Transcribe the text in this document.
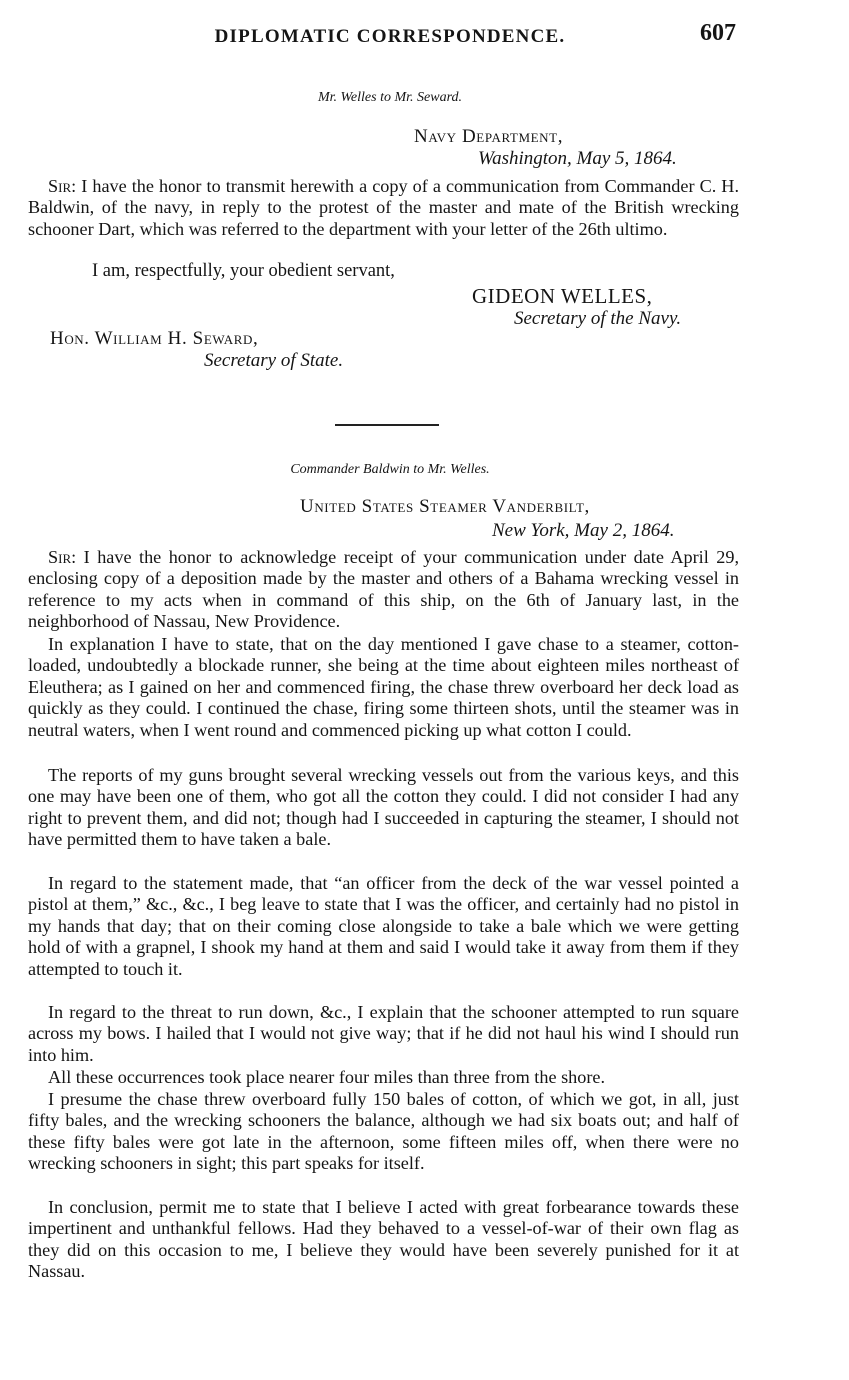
DIPLOMATIC CORRESPONDENCE.	607
Mr. Welles to Mr. Seward.
Navy Department,
Washington, May 5, 1864.

Sir: I have the honor to transmit herewith a copy of a communication from Commander C. H. Baldwin, of the navy, in reply to the protest of the master and mate of the British wrecking schooner Dart, which was referred to the department with your letter of the 26th ultimo.

I am, respectfully, your obedient servant,
GIDEON WELLES,
Secretary of the Navy.
Hon. William H. Seward,
Secretary of State.
Commander Baldwin to Mr. Welles.
United States Steamer Vanderbilt,
New York, May 2, 1864.

Sir: I have the honor to acknowledge receipt of your communication under date April 29, enclosing copy of a deposition made by the master and others of a Bahama wrecking vessel in reference to my acts when in command of this ship, on the 6th of January last, in the neighborhood of Nassau, New Providence.

In explanation I have to state, that on the day mentioned I gave chase to a steamer, cotton-loaded, undoubtedly a blockade runner, she being at the time about eighteen miles northeast of Eleuthera; as I gained on her and commenced firing, the chase threw overboard her deck load as quickly as they could. I continued the chase, firing some thirteen shots, until the steamer was in neutral waters, when I went round and commenced picking up what cotton I could.

The reports of my guns brought several wrecking vessels out from the various keys, and this one may have been one of them, who got all the cotton they could. I did not consider I had any right to prevent them, and did not; though had I succeeded in capturing the steamer, I should not have permitted them to have taken a bale.

In regard to the statement made, that “an officer from the deck of the war vessel pointed a pistol at them,” &c., &c., I beg leave to state that I was the officer, and certainly had no pistol in my hands that day; that on their coming close alongside to take a bale which we were getting hold of with a grapnel, I shook my hand at them and said I would take it away from them if they attempted to touch it.

In regard to the threat to run down, &c., I explain that the schooner attempted to run square across my bows. I hailed that I would not give way; that if he did not haul his wind I should run into him.

All these occurrences took place nearer four miles than three from the shore.

I presume the chase threw overboard fully 150 bales of cotton, of which we got, in all, just fifty bales, and the wrecking schooners the balance, although we had six boats out; and half of these fifty bales were got late in the afternoon, some fifteen miles off, when there were no wrecking schooners in sight; this part speaks for itself.

In conclusion, permit me to state that I believe I acted with great forbearance towards these impertinent and unthankful fellows. Had they behaved to a vessel-of-war of their own flag as they did on this occasion to me, I believe they would have been severely punished for it at Nassau.
